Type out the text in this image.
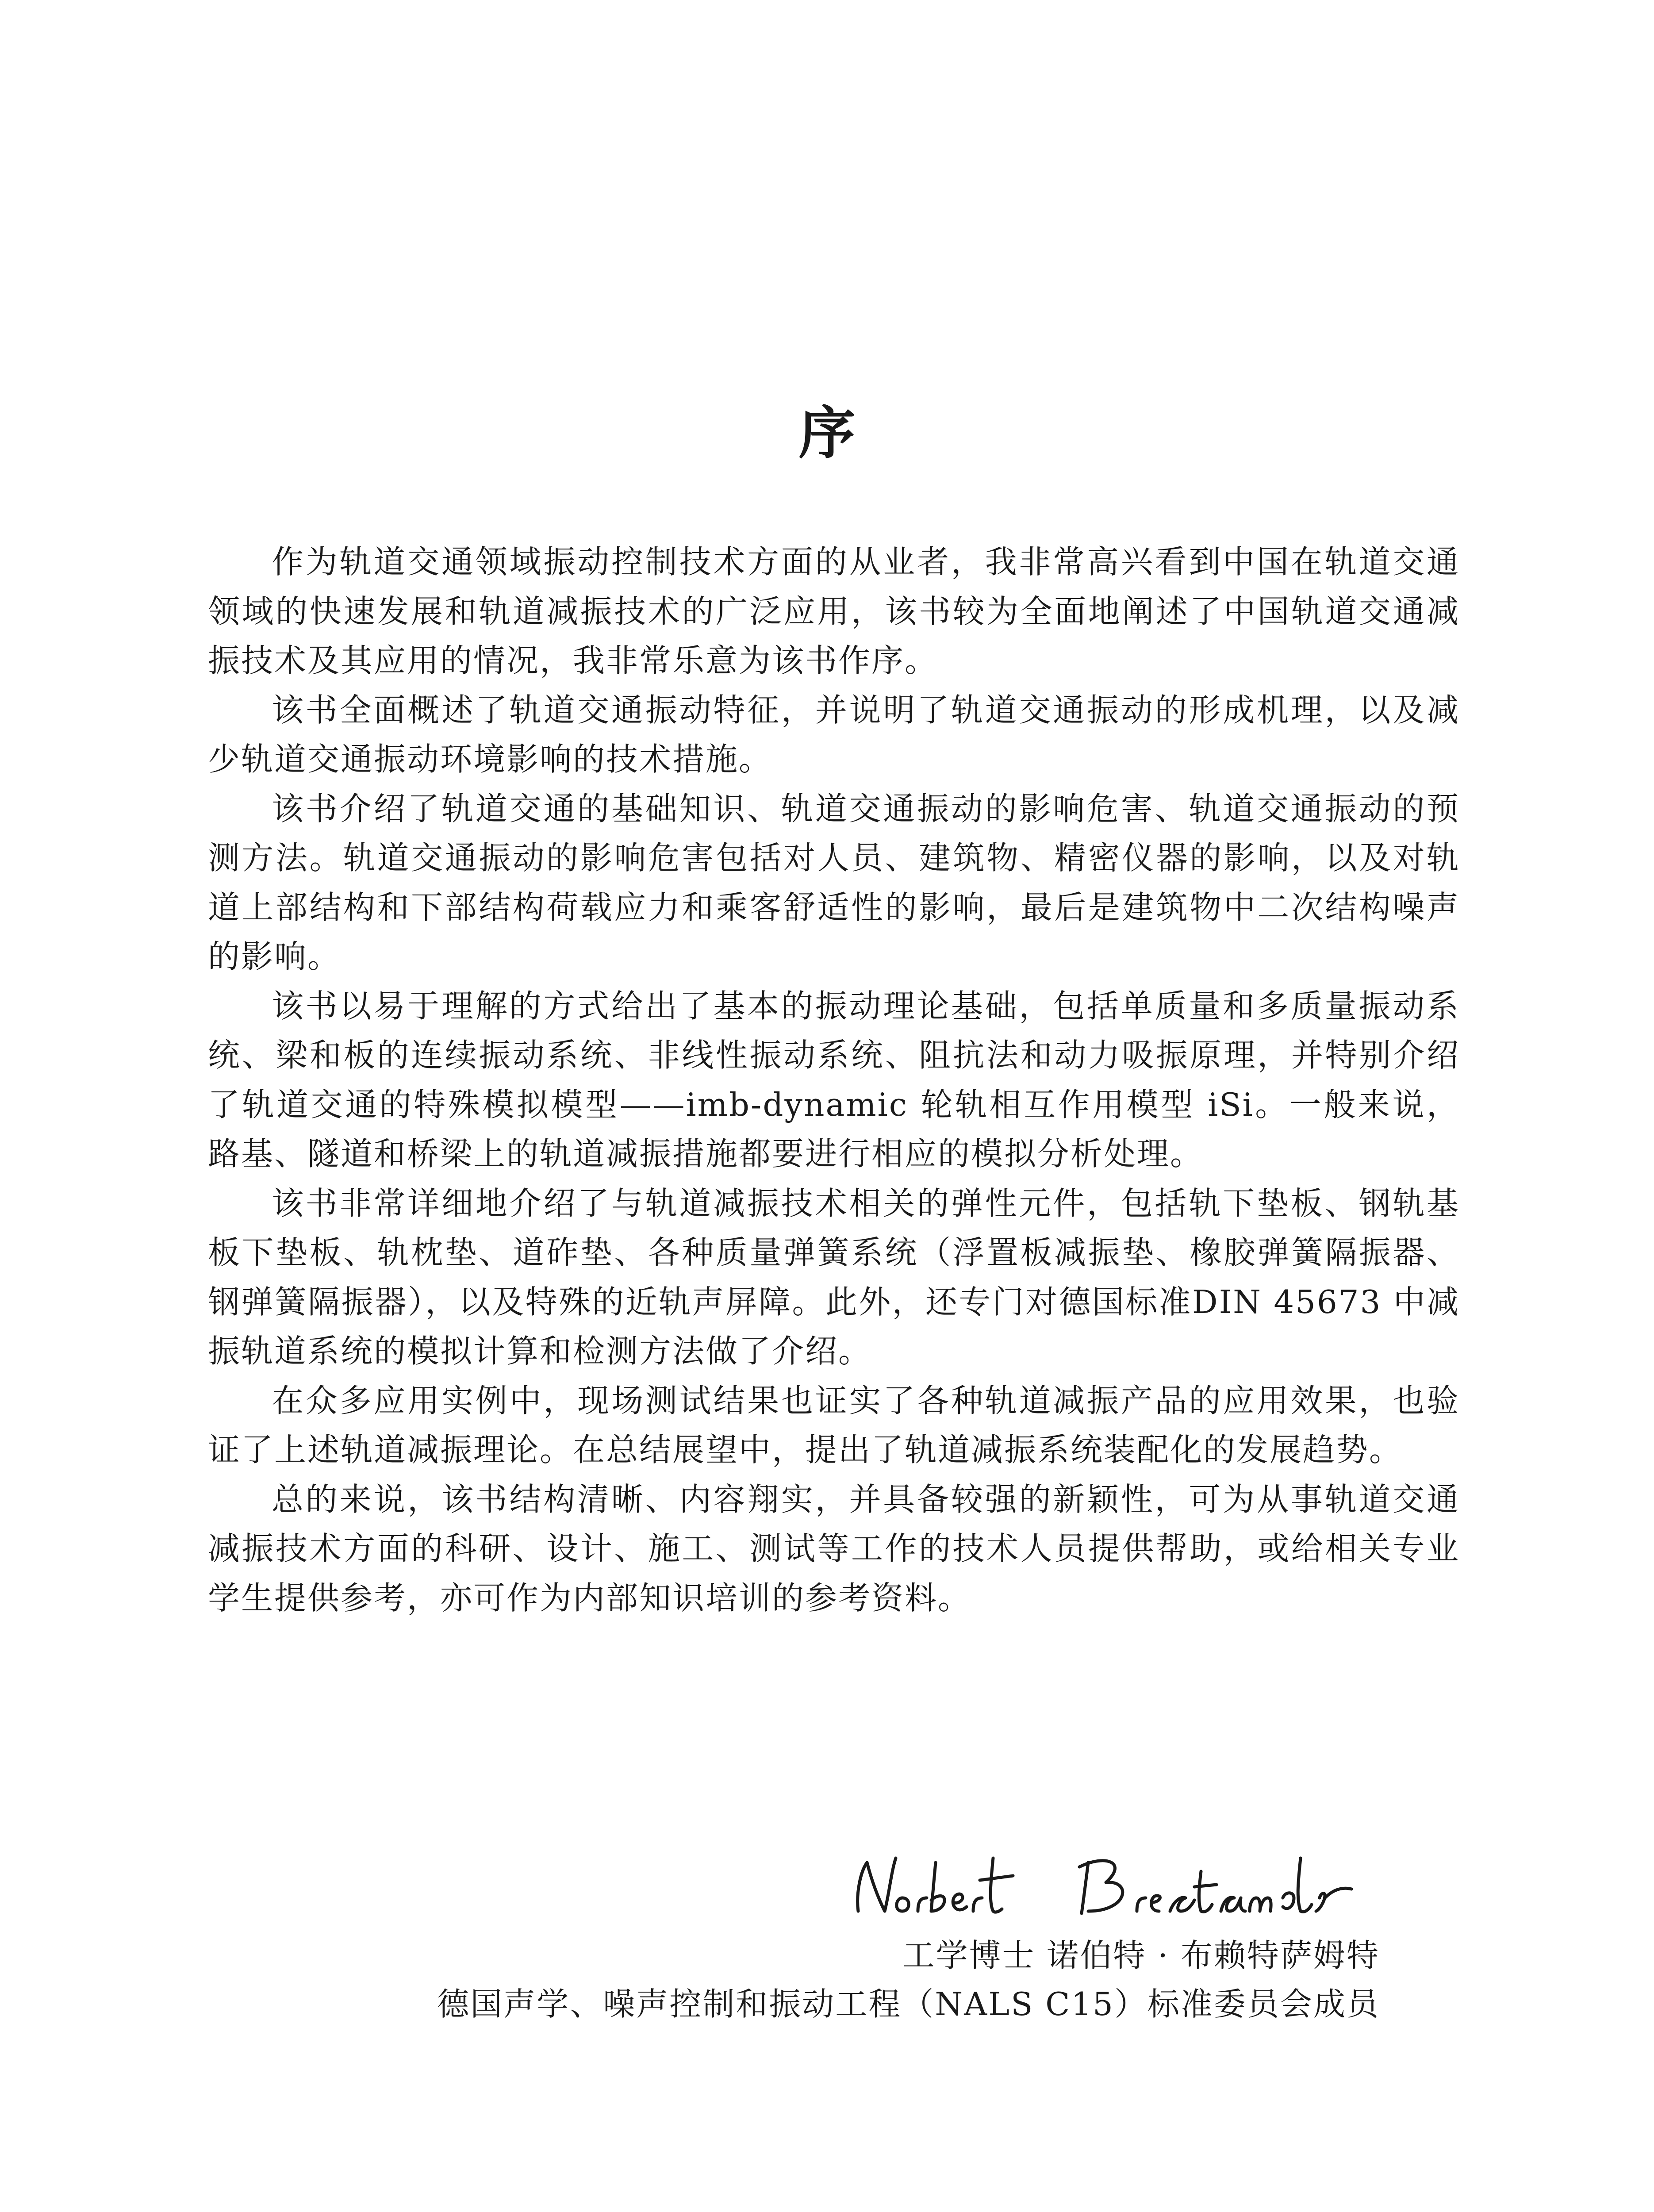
序

作为轨道交通领域振动控制技术方面的从业者，我非常高兴看到中国在轨道交通领域的快速发展和轨道减振技术的广泛应用，该书较为全面地阐述了中国轨道交通减振技术及其应用的情况，我非常乐意为该书作序。

该书全面概述了轨道交通振动特征，并说明了轨道交通振动的形成机理，以及减少轨道交通振动环境影响的技术措施。

该书介绍了轨道交通的基础知识、轨道交通振动的影响危害、轨道交通振动的预测方法。轨道交通振动的影响危害包括对人员、建筑物、精密仪器的影响，以及对轨道上部结构和下部结构荷载应力和乘客舒适性的影响，最后是建筑物中二次结构噪声的影响。

该书以易于理解的方式给出了基本的振动理论基础，包括单质量和多质量振动系统、梁和板的连续振动系统、非线性振动系统、阻抗法和动力吸振原理，并特别介绍了轨道交通的特殊模拟模型——imb-dynamic 轮轨相互作用模型 iSi。一般来说，路基、隧道和桥梁上的轨道减振措施都要进行相应的模拟分析处理。

该书非常详细地介绍了与轨道减振技术相关的弹性元件，包括轨下垫板、钢轨基板下垫板、轨枕垫、道砟垫、各种质量弹簧系统（浮置板减振垫、橡胶弹簧隔振器、钢弹簧隔振器），以及特殊的近轨声屏障。此外，还专门对德国标准DIN 45673 中减振轨道系统的模拟计算和检测方法做了介绍。

在众多应用实例中，现场测试结果也证实了各种轨道减振产品的应用效果，也验证了上述轨道减振理论。在总结展望中，提出了轨道减振系统装配化的发展趋势。

总的来说，该书结构清晰、内容翔实，并具备较强的新颖性，可为从事轨道交通减振技术方面的科研、设计、施工、测试等工作的技术人员提供帮助，或给相关专业学生提供参考，亦可作为内部知识培训的参考资料。

工学博士 诺伯特 · 布赖特萨姆特
德国声学、噪声控制和振动工程（NALS C15）标准委员会成员
